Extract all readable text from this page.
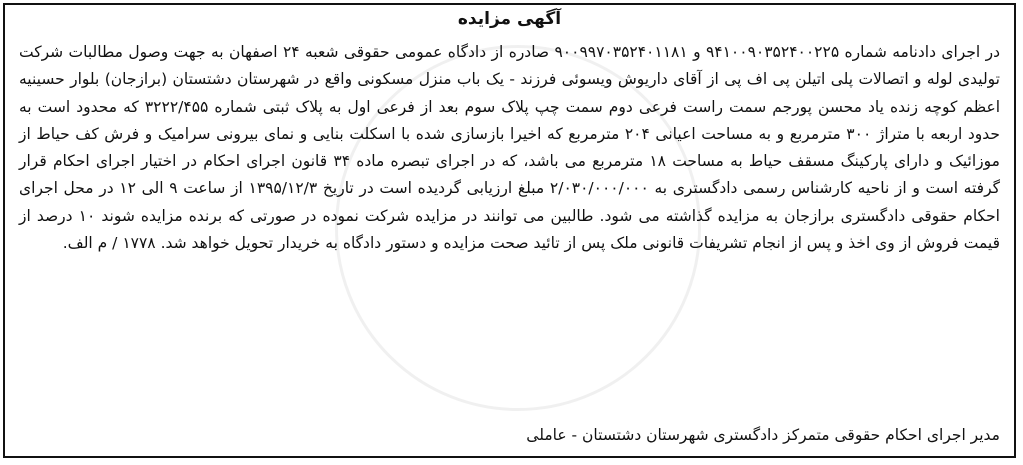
آگهی مزایده
در اجرای دادنامه شماره ۹۴۱۰۰۹۰۳۵۲۴۰۰۲۲۵ و ۹۰۰۹۹۷۰۳۵۲۴۰۱۱۸۱ صادره از دادگاه عمومی حقوقی شعبه ۲۴ اصفهان به جهت وصول مطالبات شرکت تولیدی لوله و اتصالات پلی اتیلن پی اف پی از آقای داریوش ویسوئی فرزند - یک باب منزل مسکونی واقع در شهرستان دشتستان (برازجان) بلوار حسینیه اعظم کوچه زنده یاد محسن پورجم سمت راست فرعی دوم سمت چپ پلاک سوم بعد از فرعی اول به پلاک ثبتی شماره ۳۲۲۲/۴۵۵ که محدود است به حدود اربعه با متراژ ۳۰۰ مترمربع و به مساحت اعیانی ۲۰۴ مترمربع که اخیرا بازسازی شده با اسکلت بنایی و نمای بیرونی سرامیک و فرش کف حیاط از موزائیک و دارای پارکینگ مسقف حیاط به مساحت ۱۸ مترمربع می باشد، که در اجرای تبصره ماده ۳۴ قانون اجرای احکام در اختیار اجرای احکام قرار گرفته است و از ناحیه کارشناس رسمی دادگستری به ۲/۰۳۰/۰۰۰/۰۰۰ مبلغ ارزیابی گردیده است در تاریخ ۱۳۹۵/۱۲/۳ از ساعت ۹ الی ۱۲ در محل اجرای احکام حقوقی دادگستری برازجان به مزایده گذاشته می شود. طالبین می توانند در مزایده شرکت نموده در صورتی که برنده مزایده شوند ۱۰ درصد از قیمت فروش از وی اخذ و پس از انجام تشریفات قانونی ملک پس از تائید صحت مزایده و دستور دادگاه به خریدار تحویل خواهد شد. ۱۷۷۸ / م الف.
مدیر اجرای احکام حقوقی متمرکز دادگستری شهرستان دشتستان - عاملی
